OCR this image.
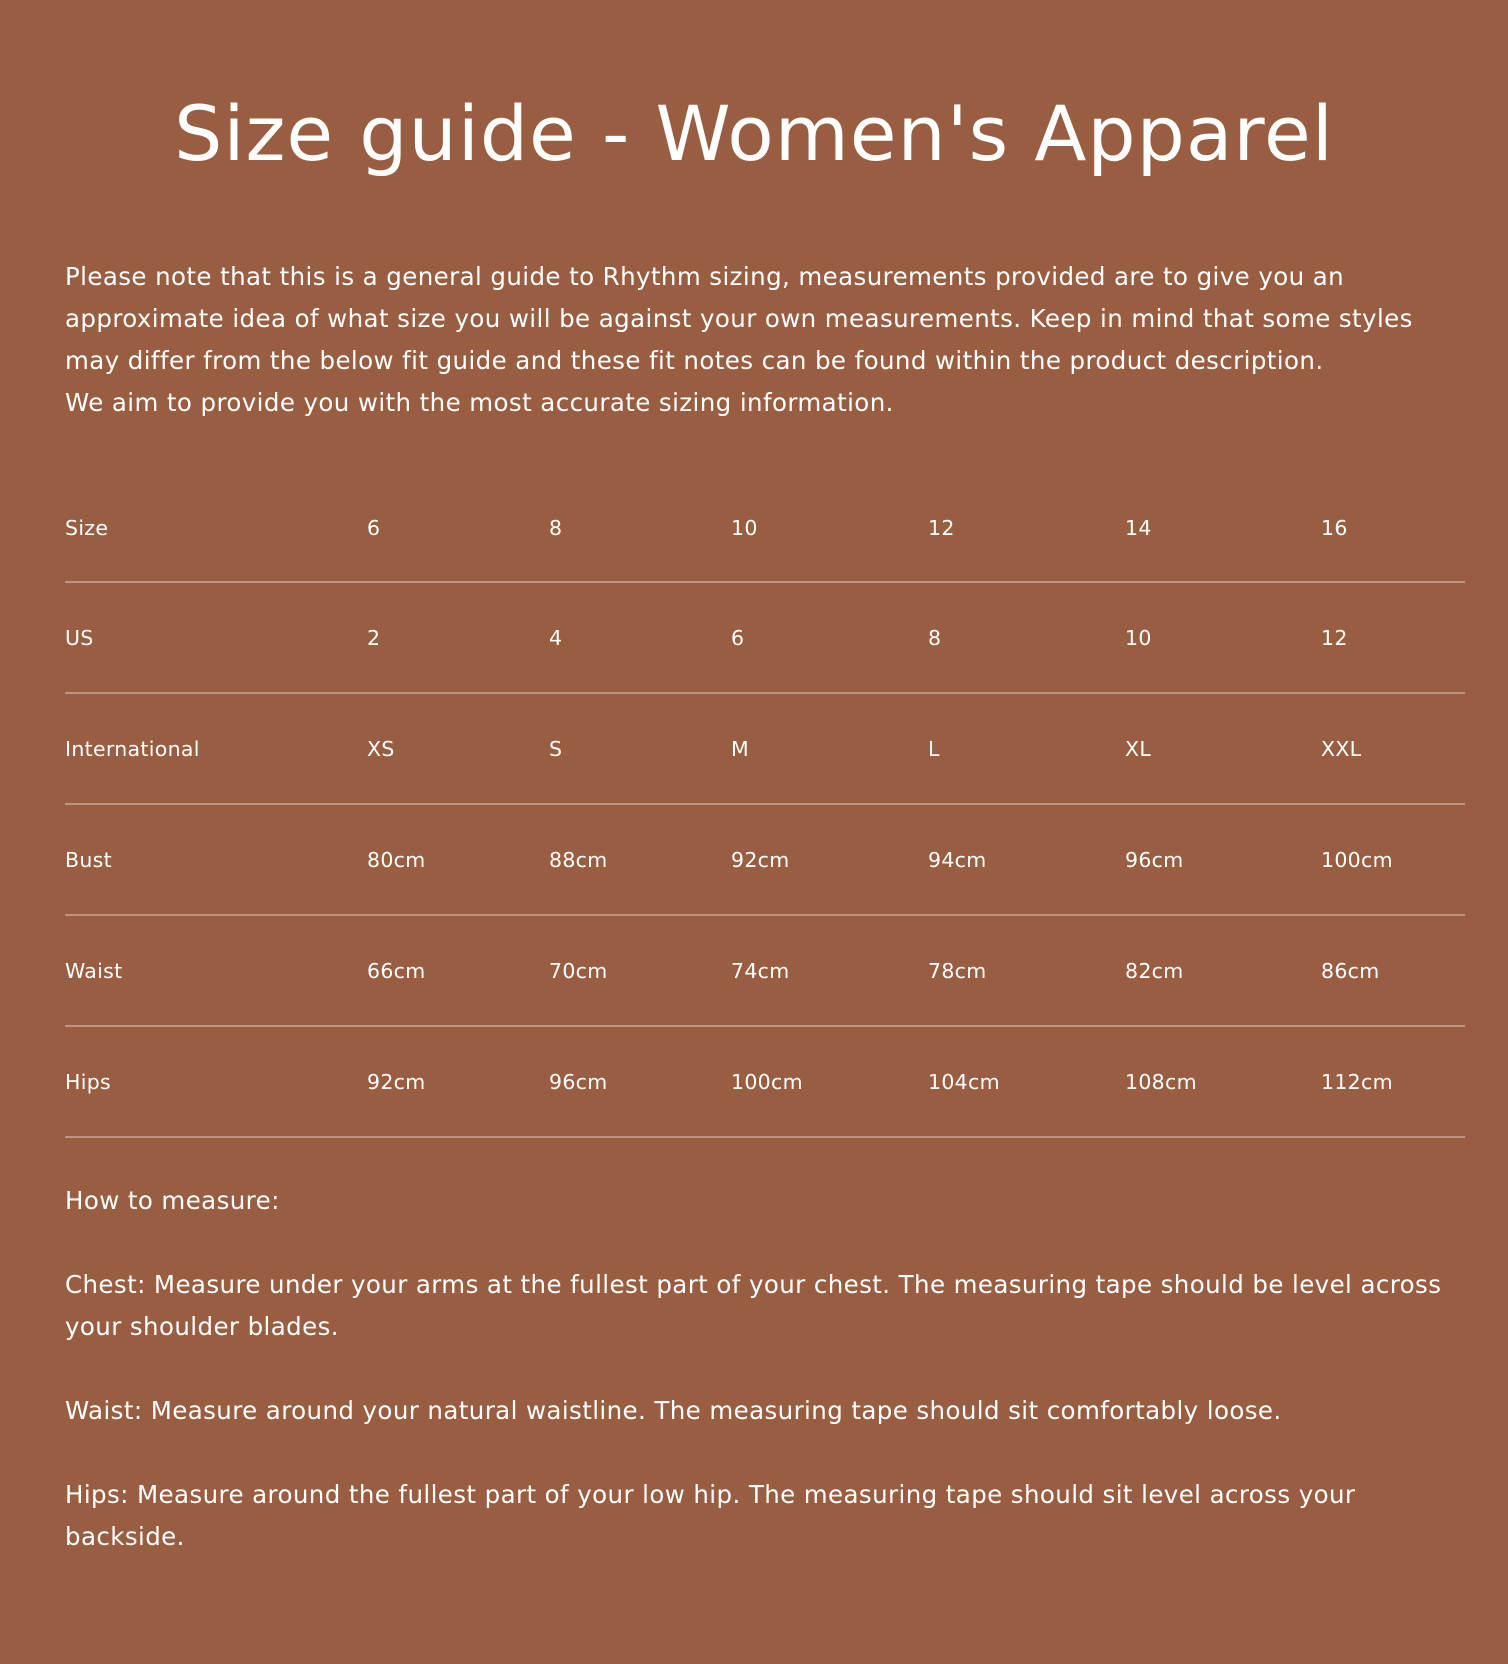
Size guide - Women's Apparel

Please note that this is a general guide to Rhythm sizing, measurements provided are to give you an approximate idea of what size you will be against your own measurements. Keep in mind that some styles may differ from the below fit guide and these fit notes can be found within the product description.

We aim to provide you with the most accurate sizing information.

Size	6	8	10	12	14	16
US	2	4	6	8	10	12
International	XS	S	M	L	XL	XXL
Bust	80cm	88cm	92cm	94cm	96cm	100cm
Waist	66cm	70cm	74cm	78cm	82cm	86cm
Hips	92cm	96cm	100cm	104cm	108cm	112cm

How to measure:

Chest: Measure under your arms at the fullest part of your chest. The measuring tape should be level across your shoulder blades.

Waist: Measure around your natural waistline. The measuring tape should sit comfortably loose.

Hips: Measure around the fullest part of your low hip. The measuring tape should sit level across your backside.
